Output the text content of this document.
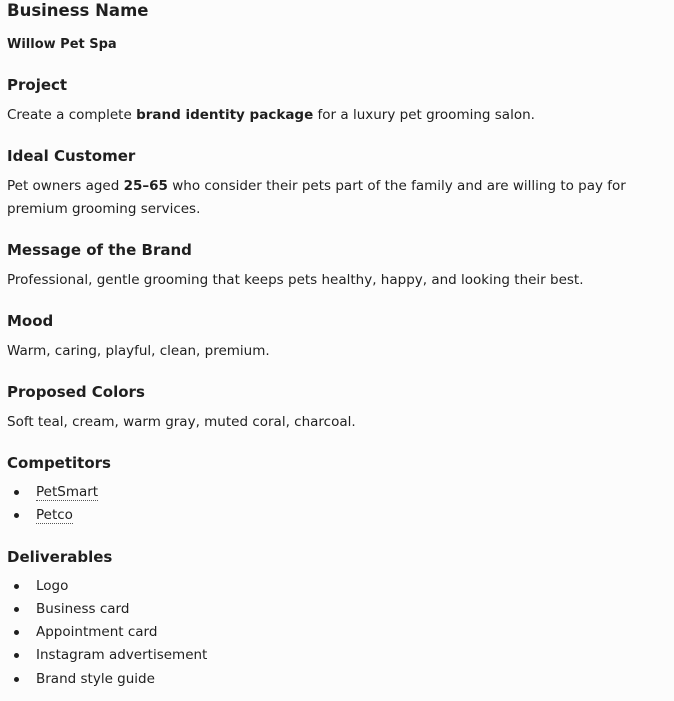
Business Name

Willow Pet Spa

Project

Create a complete brand identity package for a luxury pet grooming salon.

Ideal Customer

Pet owners aged 25–65 who consider their pets part of the family and are willing to pay for premium grooming services.

Message of the Brand

Professional, gentle grooming that keeps pets healthy, happy, and looking their best.

Mood

Warm, caring, playful, clean, premium.

Proposed Colors

Soft teal, cream, warm gray, muted coral, charcoal.

Competitors
PetSmart
Petco
Deliverables
Logo
Business card
Appointment card
Instagram advertisement
Brand style guide
